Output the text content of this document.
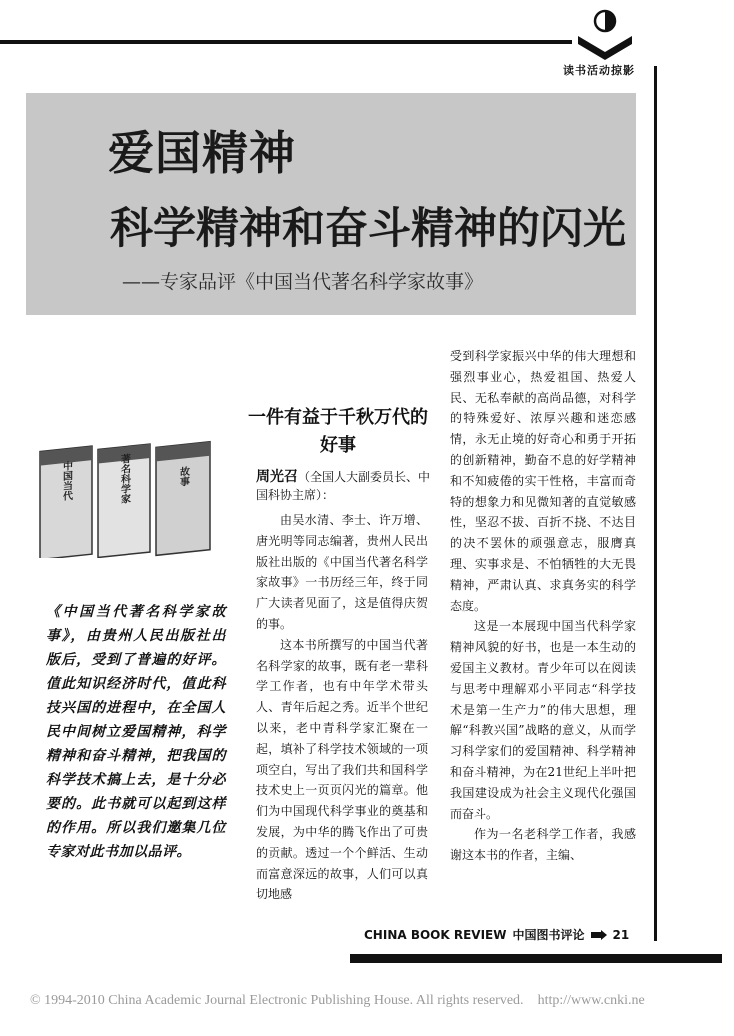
读书活动掠影
爱国精神
科学精神和奋斗精神的闪光
——专家品评《中国当代著名科学家故事》
中国当代	著名科学家	故事
《中国当代著名科学家故事》，由贵州人民出版社出版后，受到了普遍的好评。值此知识经济时代，值此科技兴国的进程中，在全国人民中间树立爱国精神，科学精神和奋斗精神，把我国的科学技术搞上去，是十分必要的。此书就可以起到这样的作用。所以我们邀集几位专家对此书加以品评。
一件有益于千秋万代的好事
周光召（全国人大副委员长、中国科协主席）：

由吴水清、李士、许万增、唐光明等同志编著，贵州人民出版社出版的《中国当代著名科学家故事》一书历经三年，终于同广大读者见面了，这是值得庆贺的事。

这本书所撰写的中国当代著名科学家的故事，既有老一辈科学工作者，也有中年学术带头人、青年后起之秀。近半个世纪以来，老中青科学家汇聚在一起，填补了科学技术领域的一项项空白，写出了我们共和国科学技术史上一页页闪光的篇章。他们为中国现代科学事业的奠基和发展，为中华的腾飞作出了可贵的贡献。透过一个个鲜活、生动而富意深远的故事，人们可以真切地感

受到科学家振兴中华的伟大理想和强烈事业心，热爱祖国、热爱人民、无私奉献的高尚品德，对科学的特殊爱好、浓厚兴趣和迷恋感情，永无止境的好奇心和勇于开拓的创新精神，勤奋不息的好学精神和不知疲倦的实干性格，丰富而奇特的想象力和见微知著的直觉敏感性，坚忍不拔、百折不挠、不达目的决不罢休的顽强意志，服膺真理、实事求是、不怕牺牲的大无畏精神，严肃认真、求真务实的科学态度。

这是一本展现中国当代科学家精神风貌的好书，也是一本生动的爱国主义教材。青少年可以在阅读与思考中理解邓小平同志“科学技术是第一生产力”的伟大思想，理解“科教兴国”战略的意义，从而学习科学家们的爱国精神、科学精神和奋斗精神，为在21世纪上半叶把我国建设成为社会主义现代化强国而奋斗。

作为一名老科学工作者，我感谢这本书的作者，主编、

CHINA BOOK REVIEW 中国图书评论 21
© 1994-2010 China Academic Journal Electronic Publishing House. All rights reserved. http://www.cnki.ne
